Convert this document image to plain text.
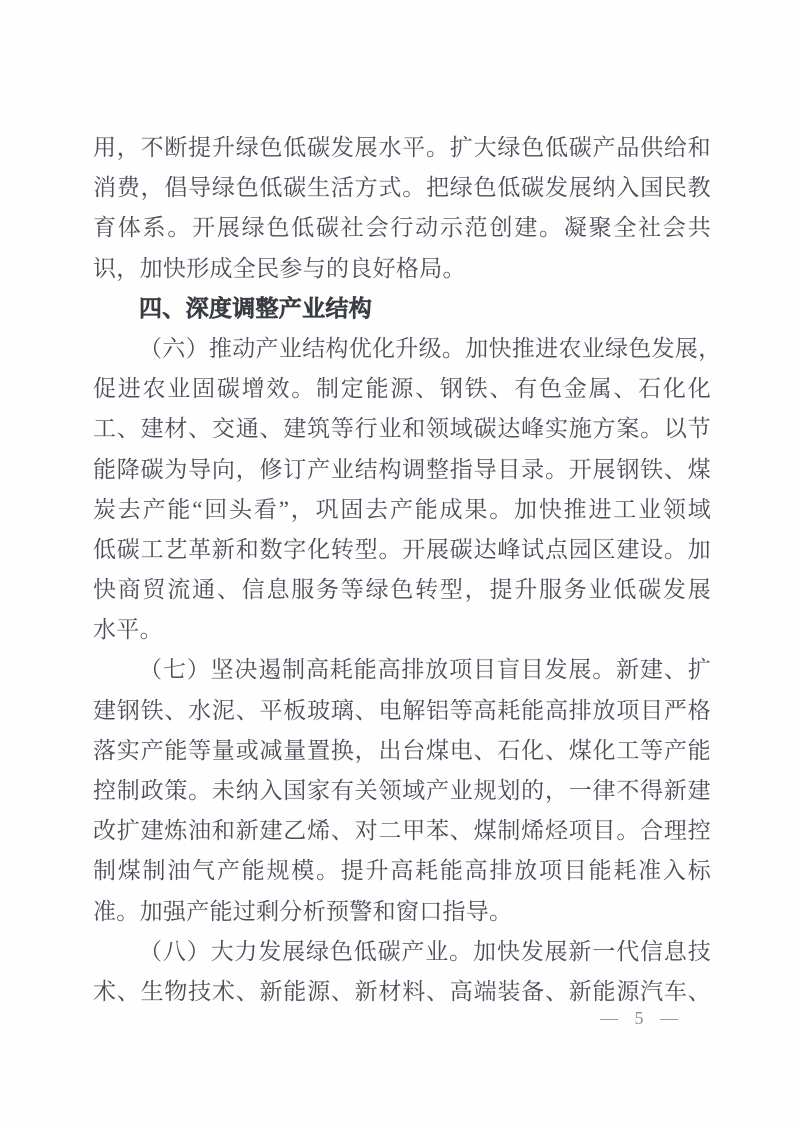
用，不断提升绿色低碳发展水平。扩大绿色低碳产品供给和
消费，倡导绿色低碳生活方式。把绿色低碳发展纳入国民教
育体系。开展绿色低碳社会行动示范创建。凝聚全社会共
识，加快形成全民参与的良好格局。
四、深度调整产业结构
（六）推动产业结构优化升级。加快推进农业绿色发展，
促进农业固碳增效。制定能源、钢铁、有色金属、石化化
工、建材、交通、建筑等行业和领域碳达峰实施方案。以节
能降碳为导向，修订产业结构调整指导目录。开展钢铁、煤
炭去产能“回头看”，巩固去产能成果。加快推进工业领域
低碳工艺革新和数字化转型。开展碳达峰试点园区建设。加
快商贸流通、信息服务等绿色转型，提升服务业低碳发展
水平。
（七）坚决遏制高耗能高排放项目盲目发展。新建、扩
建钢铁、水泥、平板玻璃、电解铝等高耗能高排放项目严格
落实产能等量或减量置换，出台煤电、石化、煤化工等产能
控制政策。未纳入国家有关领域产业规划的，一律不得新建
改扩建炼油和新建乙烯、对二甲苯、煤制烯烃项目。合理控
制煤制油气产能规模。提升高耗能高排放项目能耗准入标
准。加强产能过剩分析预警和窗口指导。
（八）大力发展绿色低碳产业。加快发展新一代信息技
术、生物技术、新能源、新材料、高端装备、新能源汽车、
— 5 —
